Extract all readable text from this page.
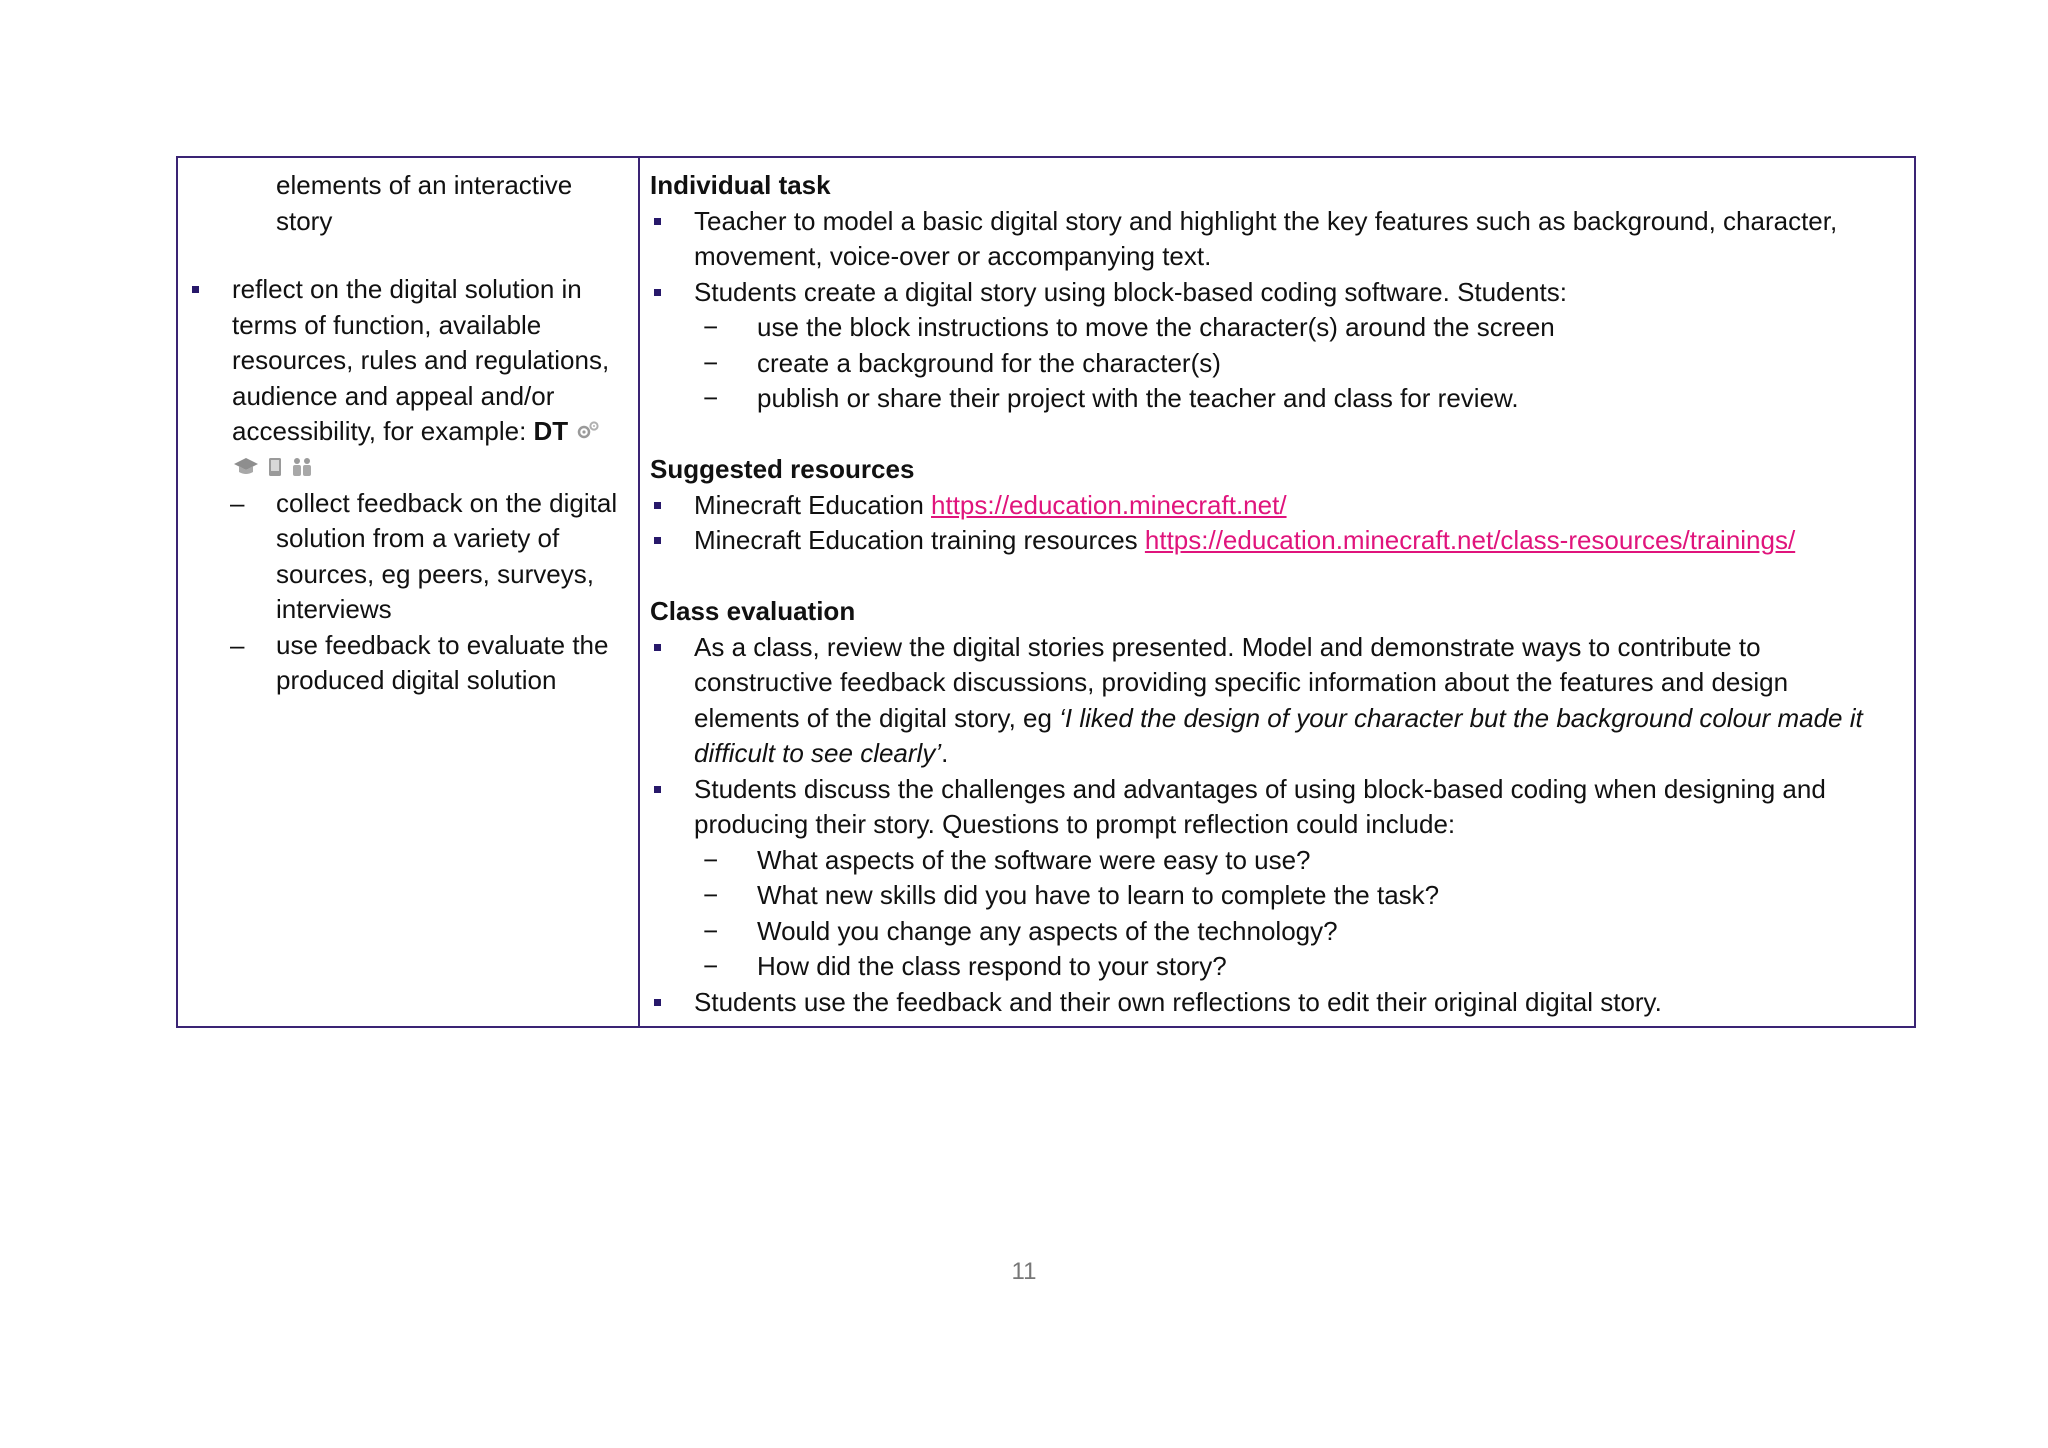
elements of an interactive
story
reflect on the digital solution in
terms of function, available
resources, rules and regulations,
audience and appeal and/or
accessibility, for example: DT

– collect feedback on the digital
solution from a variety of
sources, eg peers, surveys,
interviews
– use feedback to evaluate the
produced digital solution
Individual task
Teacher to model a basic digital story and highlight the key features such as background, character,
movement, voice-over or accompanying text.
Students create a digital story using block-based coding software. Students:
− use the block instructions to move the character(s) around the screen
− create a background for the character(s)
− publish or share their project with the teacher and class for review.
Suggested resources
Minecraft Education https://education.minecraft.net/
Minecraft Education training resources https://education.minecraft.net/class-resources/trainings/
Class evaluation
As a class, review the digital stories presented. Model and demonstrate ways to contribute to
constructive feedback discussions, providing specific information about the features and design
elements of the digital story, eg ‘I liked the design of your character but the background colour made it
difficult to see clearly’.
Students discuss the challenges and advantages of using block-based coding when designing and
producing their story. Questions to prompt reflection could include:
− What aspects of the software were easy to use?
− What new skills did you have to learn to complete the task?
− Would you change any aspects of the technology?
− How did the class respond to your story?
Students use the feedback and their own reflections to edit their original digital story.
11
